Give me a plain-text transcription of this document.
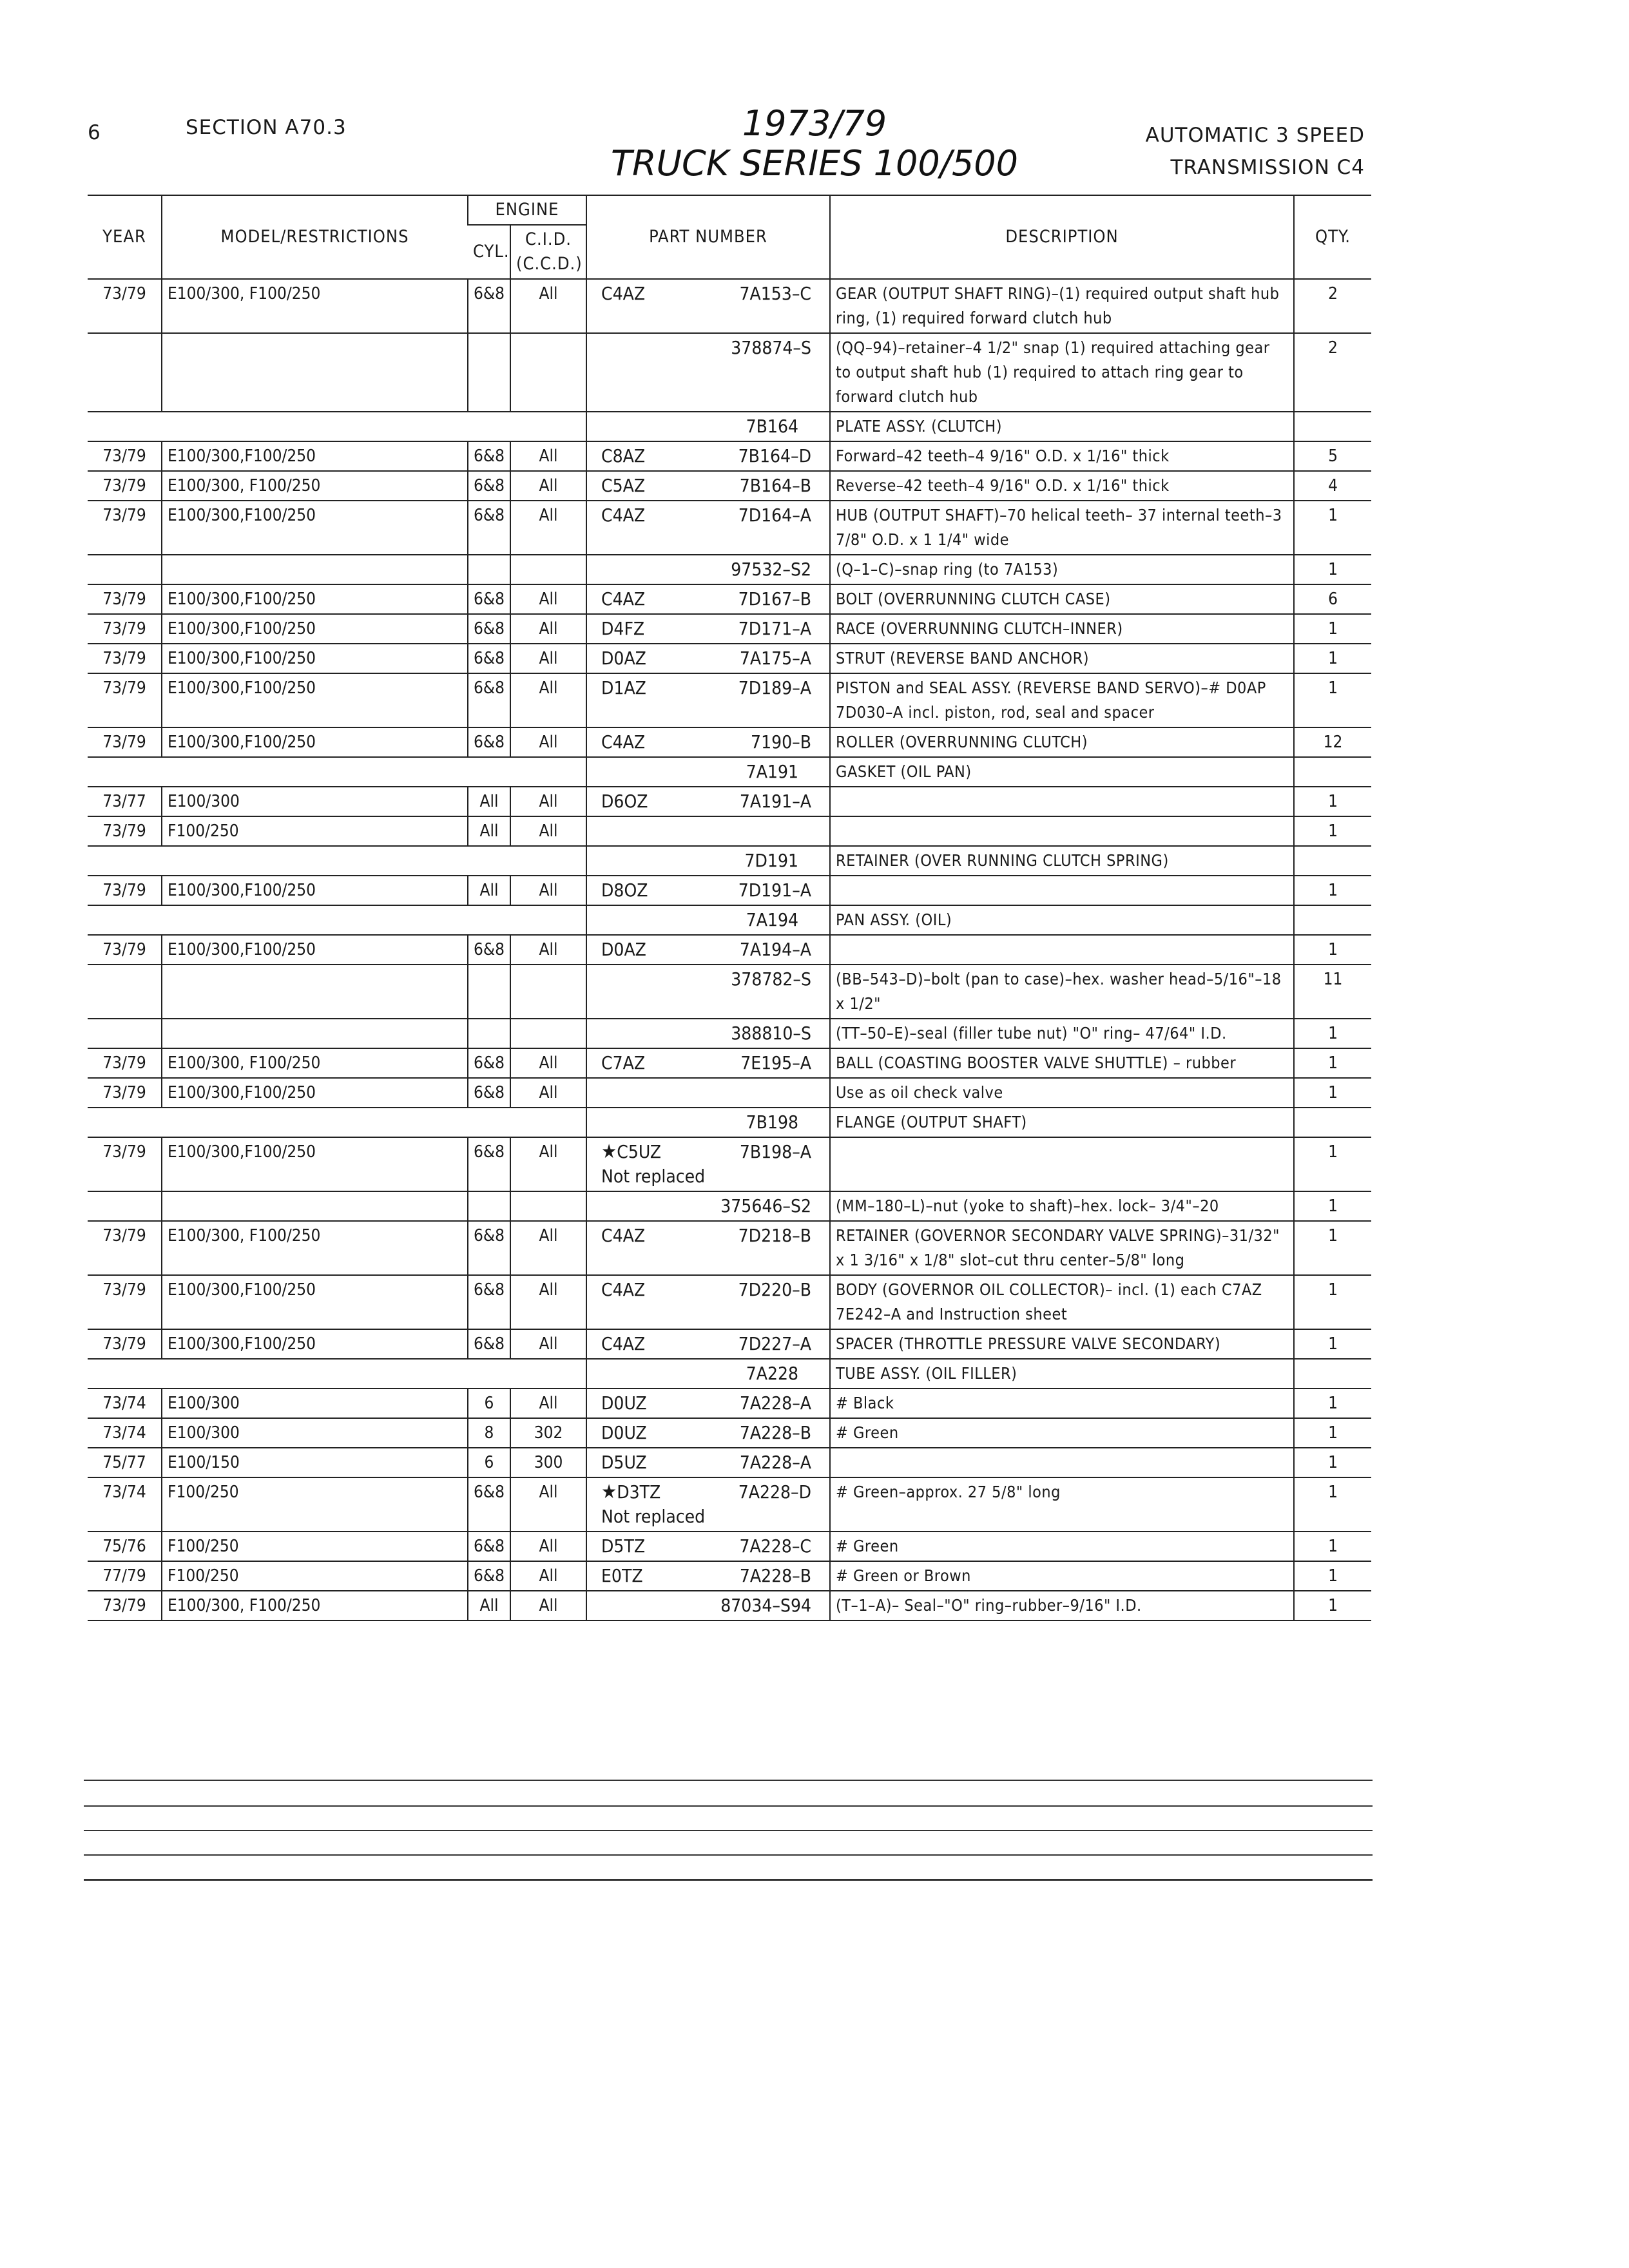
6	SECTION A70.3	1973/79
TRUCK SERIES 100/500
AUTOMATIC 3 SPEED
TRANSMISSION C4
YEAR	MODEL/RESTRICTIONS	ENGINE		PART NUMBER	DESCRIPTION	QTY.
		CYL.	C.I.D.
(C.C.D.)			

73/79	E100/300, F100/250	6&8	All	C4AZ 7A153–C	GEAR (OUTPUT SHAFT RING)–(1) required output shaft hub ring, (1) required forward clutch hub	2

				378874–S	(QQ–94)–retainer–4 1/2" snap (1) required attaching gear to output shaft hub (1) required to attach ring gear to forward clutch hub	2

				7B164	PLATE ASSY. (CLUTCH)	
73/79	E100/300,F100/250	6&8	All	C8AZ 7B164–D	Forward–42 teeth–4 9/16" O.D. x 1/16" thick	5
73/79	E100/300, F100/250	6&8	All	C5AZ 7B164–B	Reverse–42 teeth–4 9/16" O.D. x 1/16" thick	4
73/79	E100/300,F100/250	6&8	All	C4AZ 7D164–A	HUB (OUTPUT SHAFT)–70 helical teeth– 37 internal teeth–3 7/8" O.D. x 1 1/4" wide	1

				97532–S2	(Q–1–C)–snap ring (to 7A153)	1
73/79	E100/300,F100/250	6&8	All	C4AZ 7D167–B	BOLT (OVERRUNNING CLUTCH CASE)	6
73/79	E100/300,F100/250	6&8	All	D4FZ 7D171–A	RACE (OVERRUNNING CLUTCH–INNER)	1
73/79	E100/300,F100/250	6&8	All	D0AZ 7A175–A	STRUT (REVERSE BAND ANCHOR)	1
73/79	E100/300,F100/250	6&8	All	D1AZ 7D189–A	PISTON and SEAL ASSY. (REVERSE BAND SERVO)–# D0AP 7D030–A incl. piston, rod, seal and spacer	1
73/79	E100/300,F100/250	6&8	All	C4AZ 7190–B	ROLLER (OVERRUNNING CLUTCH)	12

				7A191	GASKET (OIL PAN)	
73/77	E100/300	All	All	D6OZ 7A191–A		1
73/79	F100/250	All	All			1

				7D191	RETAINER (OVER RUNNING CLUTCH SPRING)	
73/79	E100/300,F100/250	All	All	D8OZ 7D191–A		1

				7A194	PAN ASSY. (OIL)	
73/79	E100/300,F100/250	6&8	All	D0AZ 7A194–A		1

				378782–S	(BB–543–D)–bolt (pan to case)–hex. washer head–5/16"–18 x 1/2"	11

				388810–S	(TT–50–E)–seal (filler tube nut) "O" ring– 47/64" I.D.	1
73/79	E100/300, F100/250	6&8	All	C7AZ 7E195–A	BALL (COASTING BOOSTER VALVE SHUTTLE) – rubber	1
73/79	E100/300,F100/250	6&8	All		Use as oil check valve	1

				7B198	FLANGE (OUTPUT SHAFT)	
73/79	E100/300,F100/250	6&8	All	★C5UZ 7B198–A
Not replaced		1

				375646–S2	(MM–180–L)–nut (yoke to shaft)–hex. lock– 3/4"–20	1
73/79	E100/300, F100/250	6&8	All	C4AZ 7D218–B	RETAINER (GOVERNOR SECONDARY VALVE SPRING)–31/32" x 1 3/16" x 1/8" slot–cut thru center–5/8" long	1
73/79	E100/300,F100/250	6&8	All	C4AZ 7D220–B	BODY (GOVERNOR OIL COLLECTOR)– incl. (1) each C7AZ 7E242–A and Instruction sheet	1
73/79	E100/300,F100/250	6&8	All	C4AZ 7D227–A	SPACER (THROTTLE PRESSURE VALVE SECONDARY)	1

				7A228	TUBE ASSY. (OIL FILLER)	
73/74	E100/300	6	All	D0UZ 7A228–A	# Black	1
73/74	E100/300	8	302	D0UZ 7A228–B	# Green	1
75/77	E100/150	6	300	D5UZ 7A228–A		1
73/74	F100/250	6&8	All	★D3TZ 7A228–D
Not replaced	# Green–approx. 27 5/8" long	1
75/76	F100/250	6&8	All	D5TZ 7A228–C	# Green	1
77/79	F100/250	6&8	All	E0TZ 7A228–B	# Green or Brown	1
73/79	E100/300, F100/250	All	All	87034–S94	(T–1–A)– Seal–"O" ring–rubber–9/16" I.D.	1
